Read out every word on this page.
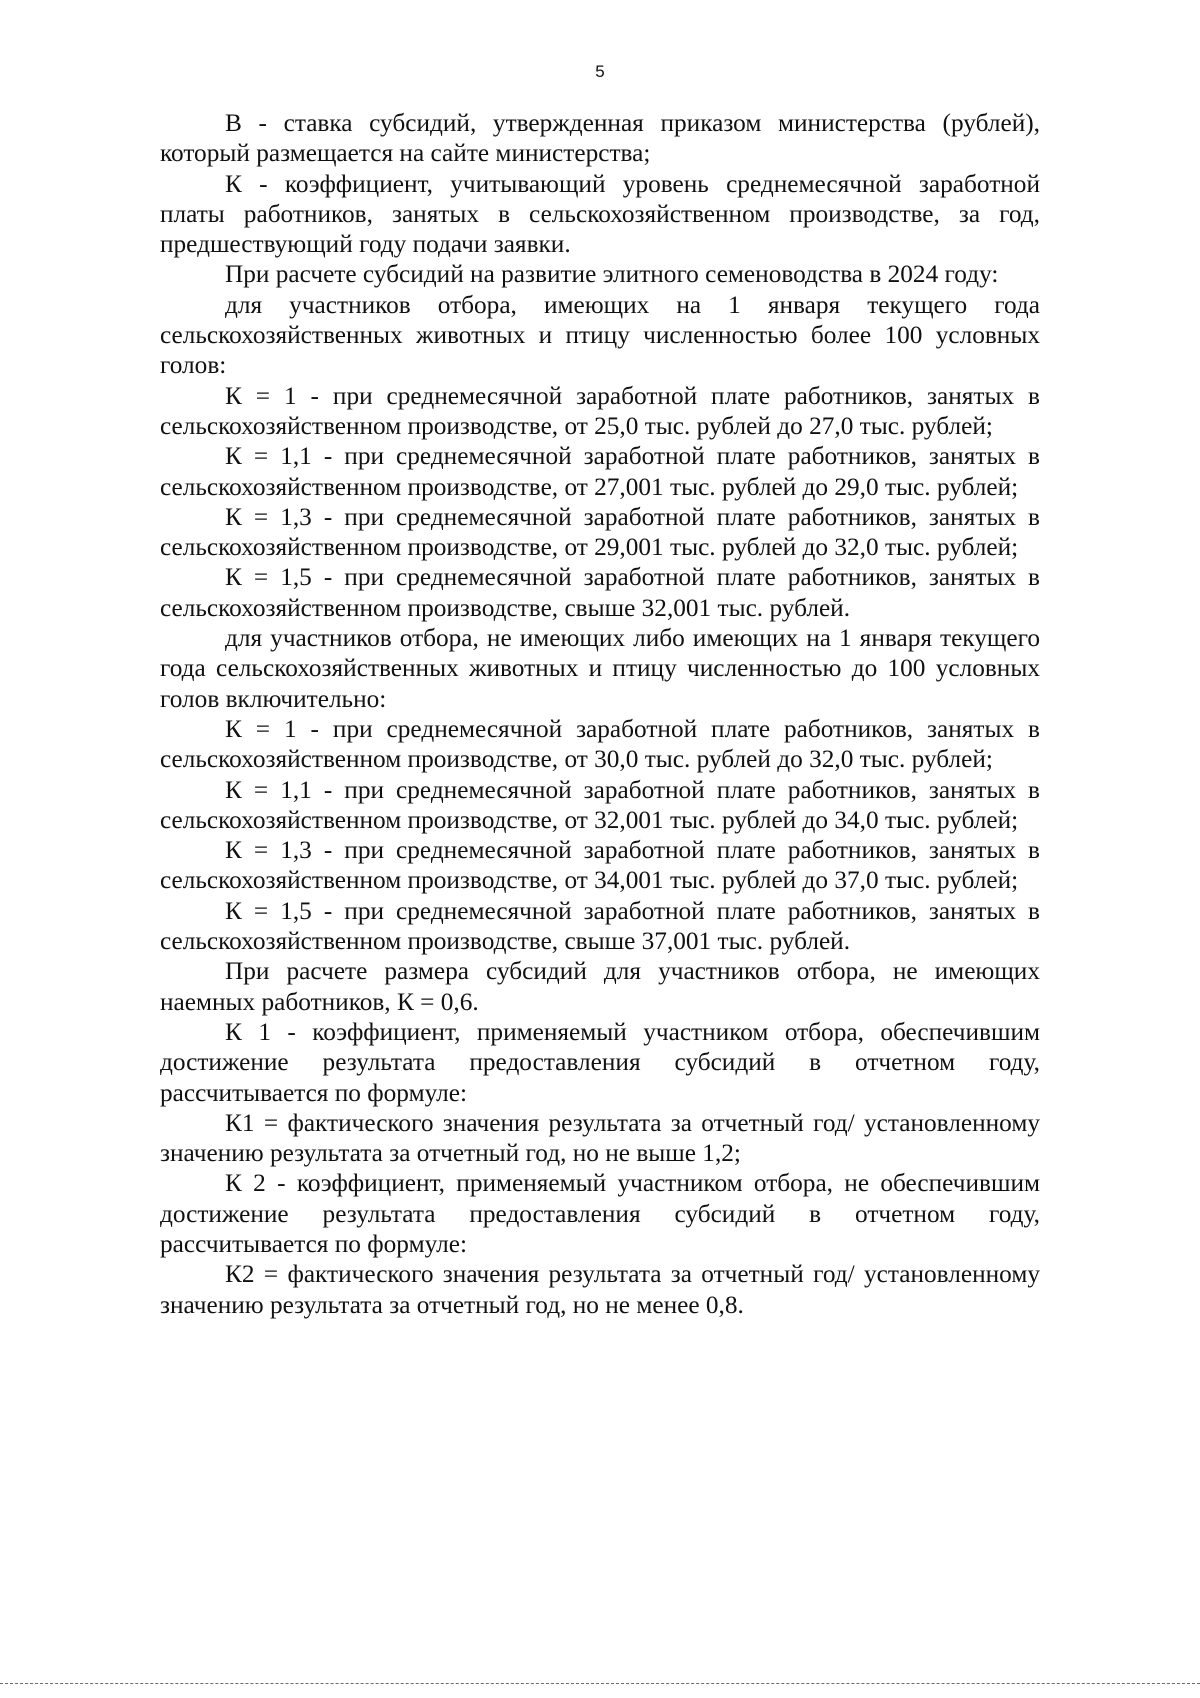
5

В - ставка субсидий, утвержденная приказом министерства (рублей), который размещается на сайте министерства;

К - коэффициент, учитывающий уровень среднемесячной заработной платы работников, занятых в сельскохозяйственном производстве, за год, предшествующий году подачи заявки.

При расчете субсидий на развитие элитного семеноводства в 2024 году:

для участников отбора, имеющих на 1 января текущего года сельскохозяйственных животных и птицу численностью более 100 условных голов:

К = 1 - при среднемесячной заработной плате работников, занятых в сельскохозяйственном производстве, от 25,0 тыс. рублей до 27,0 тыс. рублей;

К = 1,1 - при среднемесячной заработной плате работников, занятых в сельскохозяйственном производстве, от 27,001 тыс. рублей до 29,0 тыс. рублей;

К = 1,3 - при среднемесячной заработной плате работников, занятых в сельскохозяйственном производстве, от 29,001 тыс. рублей до 32,0 тыс. рублей;

К = 1,5 - при среднемесячной заработной плате работников, занятых в сельскохозяйственном производстве, свыше 32,001 тыс. рублей.

для участников отбора, не имеющих либо имеющих на 1 января текущего года сельскохозяйственных животных и птицу численностью до 100 условных голов включительно:

К = 1 - при среднемесячной заработной плате работников, занятых в сельскохозяйственном производстве, от 30,0 тыс. рублей до 32,0 тыс. рублей;

К = 1,1 - при среднемесячной заработной плате работников, занятых в сельскохозяйственном производстве, от 32,001 тыс. рублей до 34,0 тыс. рублей;

К = 1,3 - при среднемесячной заработной плате работников, занятых в сельскохозяйственном производстве, от 34,001 тыс. рублей до 37,0 тыс. рублей;

К = 1,5 - при среднемесячной заработной плате работников, занятых в сельскохозяйственном производстве, свыше 37,001 тыс. рублей.

При расчете размера субсидий для участников отбора, не имеющих наемных работников, К = 0,6.

К 1 - коэффициент, применяемый участником отбора, обеспечившим достижение результата предоставления субсидий в отчетном году, рассчитывается по формуле:

К1 = фактического значения результата за отчетный год/ установленному значению результата за отчетный год, но не выше 1,2;

К 2 - коэффициент, применяемый участником отбора, не обеспечившим достижение результата предоставления субсидий в отчетном году, рассчитывается по формуле:

К2 = фактического значения результата за отчетный год/ установленному значению результата за отчетный год, но не менее 0,8.
